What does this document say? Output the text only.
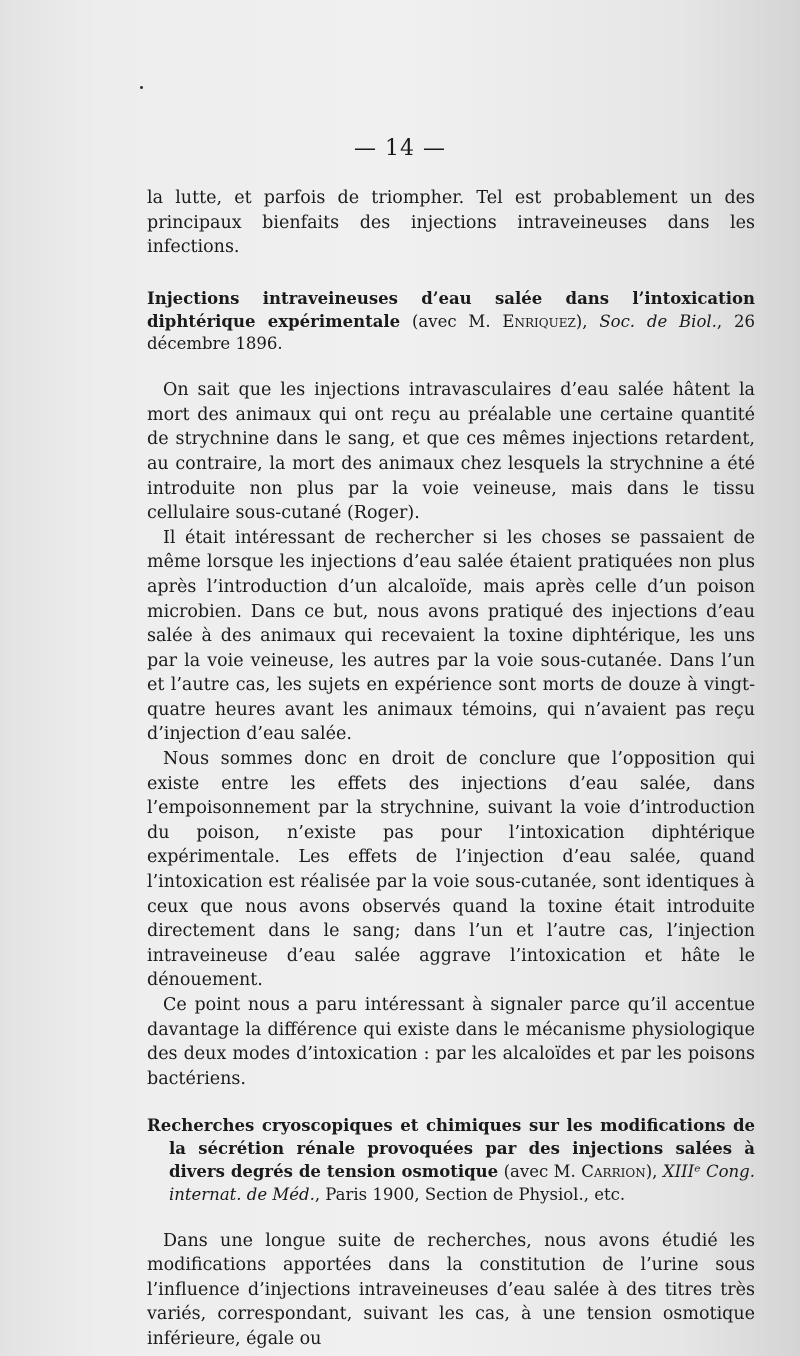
— 14 —

la lutte, et parfois de triompher. Tel est probablement un des principaux bienfaits des injections intraveineuses dans les infections.

Injections intraveineuses d’eau salée dans l’intoxication diphtérique expérimentale (avec M. Enriquez), Soc. de Biol., 26 décembre 1896.

On sait que les injections intravasculaires d’eau salée hâtent la mort des animaux qui ont reçu au préalable une certaine quantité de strychnine dans le sang, et que ces mêmes injections retardent, au contraire, la mort des animaux chez lesquels la strychnine a été introduite non plus par la voie veineuse, mais dans le tissu cellulaire sous-cutané (Roger).

Il était intéressant de rechercher si les choses se passaient de même lorsque les injections d’eau salée étaient pratiquées non plus après l’introduction d’un alcaloïde, mais après celle d’un poison microbien. Dans ce but, nous avons pratiqué des injections d’eau salée à des animaux qui recevaient la toxine diphtérique, les uns par la voie veineuse, les autres par la voie sous-cutanée. Dans l’un et l’autre cas, les sujets en expérience sont morts de douze à vingt-quatre heures avant les animaux témoins, qui n’avaient pas reçu d’injection d’eau salée.

Nous sommes donc en droit de conclure que l’opposition qui existe entre les effets des injections d’eau salée, dans l’empoisonnement par la strychnine, suivant la voie d’introduction du poison, n’existe pas pour l’intoxication diphtérique expérimentale. Les effets de l’injection d’eau salée, quand l’intoxication est réalisée par la voie sous-cutanée, sont identiques à ceux que nous avons observés quand la toxine était introduite directement dans le sang; dans l’un et l’autre cas, l’injection intraveineuse d’eau salée aggrave l’intoxication et hâte le dénouement.

Ce point nous a paru intéressant à signaler parce qu’il accentue davantage la différence qui existe dans le mécanisme physiologique des deux modes d’intoxication : par les alcaloïdes et par les poisons bactériens.

Recherches cryoscopiques et chimiques sur les modifications de la sécrétion rénale provoquées par des injections salées à divers degrés de tension osmotique (avec M. Carrion), XIIIᵉ Cong. internat. de Méd., Paris 1900, Section de Physiol., etc.

Dans une longue suite de recherches, nous avons étudié les modifications apportées dans la constitution de l’urine sous l’influence d’injections intraveineuses d’eau salée à des titres très variés, correspondant, suivant les cas, à une tension osmotique inférieure, égale ou
